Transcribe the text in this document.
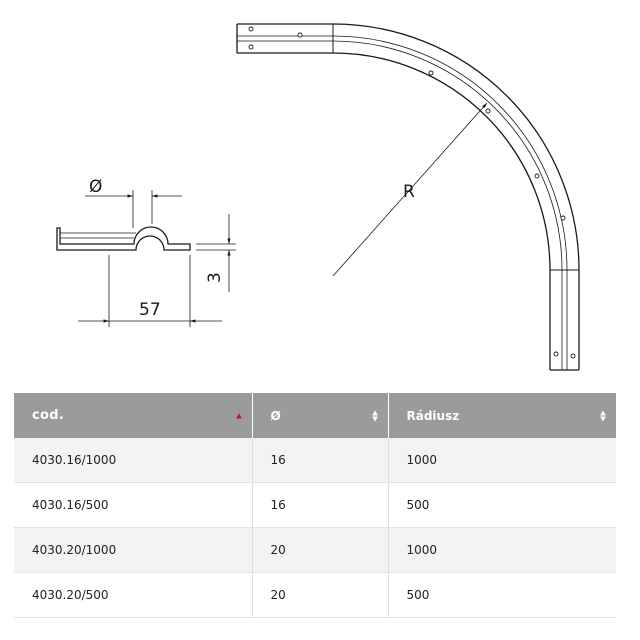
Ø
3
57
R
cod.	Ø	Rádiusz

4030.16/1000	16	1000
4030.16/500	16	500
4030.20/1000	20	1000
4030.20/500	20	500
